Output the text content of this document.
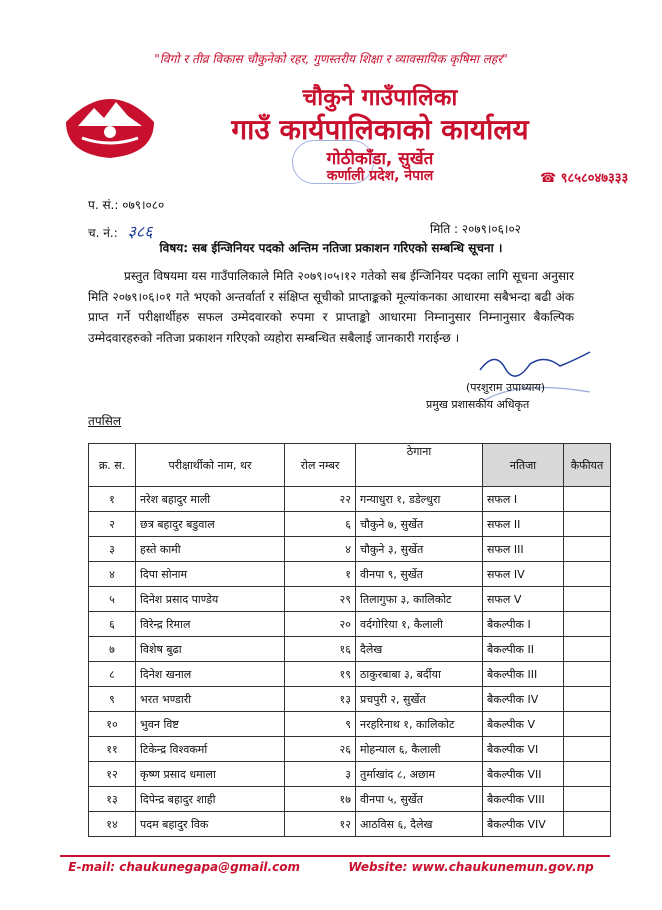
"विगो र तीव्र विकास चौकुनेको रहर, गुणस्तरीय शिक्षा र व्यावसायिक कृषिमा लहर"
चौकुने गाउँपालिका
गाउँ कार्यपालिकाको कार्यालय
गोठीकाँडा, सुर्खेत
कर्णाली प्रदेश, नेपाल	☎ ९८५८०४७३३३
प. सं.: ०७९।०८०
च. नं.: ३८६	मिति : २०७९।०६।०२
विषय: सब ईन्जिनियर पदको अन्तिम नतिजा प्रकाशन गरिएको सम्बन्धि सूचना ।
प्रस्तुत विषयमा यस गाउँपालिकाले मिति २०७९।०५।१२ गतेको सब ईन्जिनियर पदका लागि सूचना अनुसार मिति २०७९।०६।०१ गते भएको अन्तर्वार्ता र संक्षिप्त सूचीको प्राप्ताङ्कको मूल्यांकनका आधारमा सबैभन्दा बढी अंक प्राप्त गर्ने परीक्षार्थीहरु सफल उम्मेदवारको रुपमा र प्राप्ताङ्को आधारमा निम्नानुसार निम्नानुसार बैकल्पिक उम्मेदवारहरुको नतिजा प्रकाशन गरिएको व्यहोरा सम्बन्धित सबैलाई जानकारी गराईन्छ ।
(परशुराम उपाध्याय)
प्रमुख प्रशासकीय अधिकृत
तपसिल
क्र. स.	परीक्षार्थीको नाम, थर	रोल नम्बर	ठेगाना	नतिजा	कैफीयत
१	नरेश बहादुर माली	२२	गन्याधुरा १, डडेल्धुरा	सफल I	
२	छत्र बहादुर बडुवाल	६	चौकुने ७, सुर्खेत	सफल II	
३	हस्ते कामी	४	चौकुने ३, सुर्खेत	सफल III	
४	दिपा सोनाम	१	वीनपा ९, सुर्खेत	सफल IV	
५	दिनेश प्रसाद पाण्डेय	२९	तिलागुफा ३, कालिकोट	सफल V	
६	विरेन्द्र रिमाल	२०	वर्दगोरिया १, कैलाली	बैकल्पीक I	
७	विशेष बुढा	१६	दैलेख	बैकल्पीक II	
८	दिनेश खनाल	१९	ठाकुरबाबा ३, बर्दीया	बैकल्पीक III	
९	भरत भण्डारी	१३	प्रचपुरी २, सुर्खेत	बैकल्पीक IV	
१०	भुवन विष्ट	९	नरहरिनाथ १, कालिकोट	बैकल्पीक V	
११	टिकेन्द्र विश्वकर्मा	२६	मोहन्याल ६, कैलाली	बैकल्पीक VI	
१२	कृष्ण प्रसाद धमाला	३	तुर्माखांद ८, अछाम	बैकल्पीक VII	
१३	दिपेन्द्र बहादुर शाही	१७	वीनपा ५, सुर्खेत	बैकल्पीक VIII	
१४	पदम बहादुर विक	१२	आठविस ६, दैलेख	बैकल्पीक VIV	
E-mail: chaukunegapa@gmail.com	Website: www.chaukunemun.gov.np
